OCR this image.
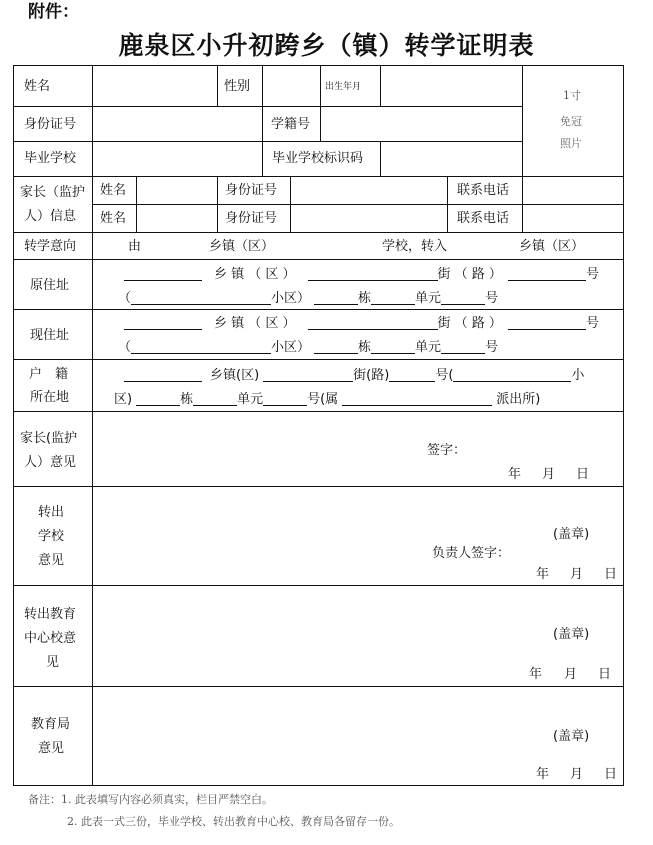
附件：
鹿泉区小升初跨乡（镇）转学证明表
姓名	性别	出生年月
1寸
免冠
照片
身份证号	学籍号
毕业学校	毕业学校标识码
家长（监护
人）信息
姓名	身份证号	联系电话
姓名	身份证号	联系电话
转学意向	由	乡镇（区）	学校，转入	乡镇（区）
原住址
乡 镇 （ 区 ）	街 （ 路 ）	号
（	小区）	栋	单元	号
现住址
乡 镇 （ 区 ）	街 （ 路 ）	号
（	小区）	栋	单元	号
户　籍
所在地
乡镇(区)	街(路)	号(	小
区)	栋	单元	号(属	派出所)
家长(监护
人）意见
签字：
年 月 日
转出
学校
意见
(盖章)
负责人签字：
年 月 日
转出教育
中心校意
见
(盖章)
年 月 日
教育局
意见
(盖章)
年 月 日
备注：1. 此表填写内容必须真实，栏目严禁空白。
2. 此表一式三份，毕业学校、转出教育中心校、教育局各留存一份。
